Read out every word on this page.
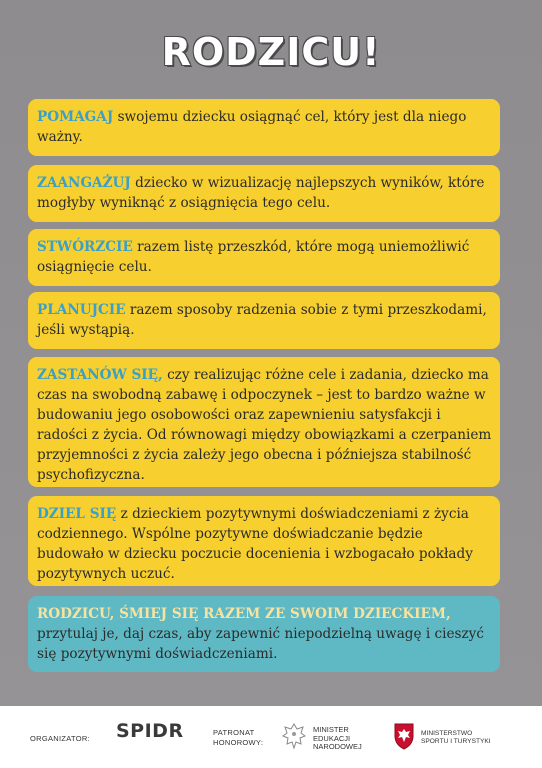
RODZICU!
POMAGAJ swojemu dziecku osiągnąć cel, który jest dla niego ważny.
ZAANGAŻUJ dziecko w wizualizację najlepszych wyników, które mogłyby wyniknąć z osiągnięcia tego celu.
STWÓRZCIE razem listę przeszkód, które mogą uniemożliwić osiągnięcie celu.
PLANUJCIE razem sposoby radzenia sobie z tymi przeszkodami, jeśli wystąpią.
ZASTANÓW SIĘ, czy realizując różne cele i zadania, dziecko ma czas na swobodną zabawę i odpoczynek – jest to bardzo ważne w budowaniu jego osobowości oraz zapewnieniu satysfakcji i radości z życia. Od równowagi między obowiązkami a czerpaniem przyjemności z życia zależy jego obecna i późniejsza stabilność psychofizyczna.
DZIEL SIĘ z dzieckiem pozytywnymi doświadczeniami z życia codziennego. Wspólne pozytywne doświadczanie będzie budowało w dziecku poczucie docenienia i wzbogacało pokłady pozytywnych uczuć.
RODZICU, ŚMIEJ SIĘ RAZEM ZE SWOIM DZIECKIEM, przytulaj je, daj czas, aby zapewnić niepodzielną uwagę i cieszyć się pozytywnymi doświadczeniami.
ORGANIZATOR: SPIDR	PATRONAT
HONOROWY:
MINISTER
EDUKACJI
NARODOWEJ
MINISTERSTWO
SPORTU I TURYSTYKI
